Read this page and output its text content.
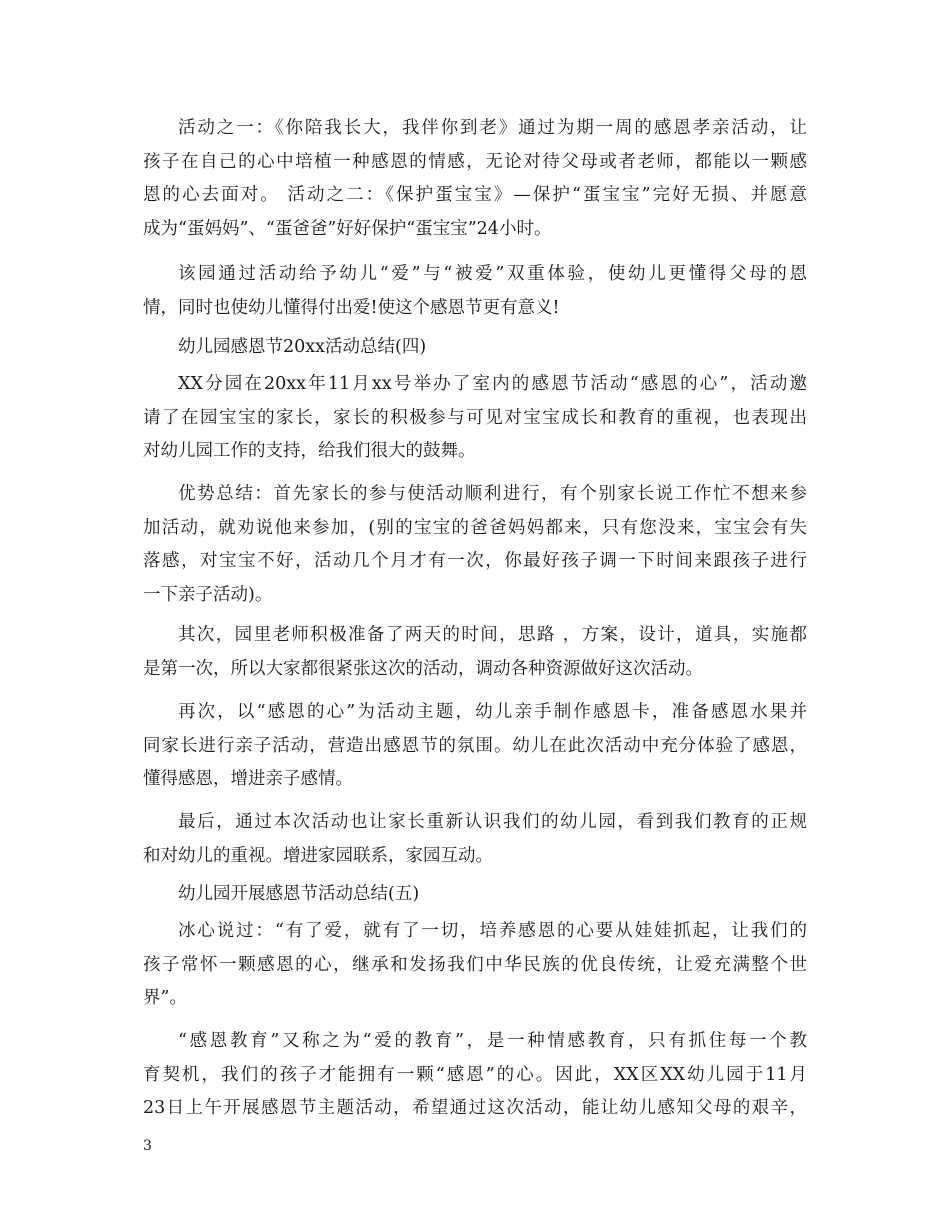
活动之一：《你陪我长大，我伴你到老》通过为期一周的感恩孝亲活动，让
孩子在自己的心中培植一种感恩的情感，无论对待父母或者老师，都能以一颗感
恩的心去面对。 活动之二：《保护蛋宝宝》—保护“蛋宝宝”完好无损、并愿意
成为“蛋妈妈”、“蛋爸爸”好好保护“蛋宝宝”24小时。
该园通过活动给予幼儿“爱”与“被爱”双重体验，使幼儿更懂得父母的恩
情，同时也使幼儿懂得付出爱!使这个感恩节更有意义!
幼儿园感恩节20xx活动总结(四)
XX分园在20xx年11月xx号举办了室内的感恩节活动“感恩的心”，活动邀
请了在园宝宝的家长，家长的积极参与可见对宝宝成长和教育的重视，也表现出
对幼儿园工作的支持，给我们很大的鼓舞。
优势总结：首先家长的参与使活动顺利进行，有个别家长说工作忙不想来参
加活动，就劝说他来参加，(别的宝宝的爸爸妈妈都来，只有您没来，宝宝会有失
落感，对宝宝不好，活动几个月才有一次，你最好孩子调一下时间来跟孩子进行
一下亲子活动)。
其次，园里老师积极准备了两天的时间，思路 ，方案，设计，道具，实施都
是第一次，所以大家都很紧张这次的活动，调动各种资源做好这次活动。
再次，以“感恩的心”为活动主题，幼儿亲手制作感恩卡，准备感恩水果并
同家长进行亲子活动，营造出感恩节的氛围。幼儿在此次活动中充分体验了感恩，
懂得感恩，增进亲子感情。
最后，通过本次活动也让家长重新认识我们的幼儿园，看到我们教育的正规
和对幼儿的重视。增进家园联系，家园互动。
幼儿园开展感恩节活动总结(五)
冰心说过：“有了爱，就有了一切，培养感恩的心要从娃娃抓起，让我们的
孩子常怀一颗感恩的心，继承和发扬我们中华民族的优良传统，让爱充满整个世
界”。
“感恩教育”又称之为“爱的教育”，是一种情感教育，只有抓住每一个教
育契机，我们的孩子才能拥有一颗“感恩”的心。因此，XX区XX幼儿园于11月
23日上午开展感恩节主题活动，希望通过这次活动，能让幼儿感知父母的艰辛，
3
